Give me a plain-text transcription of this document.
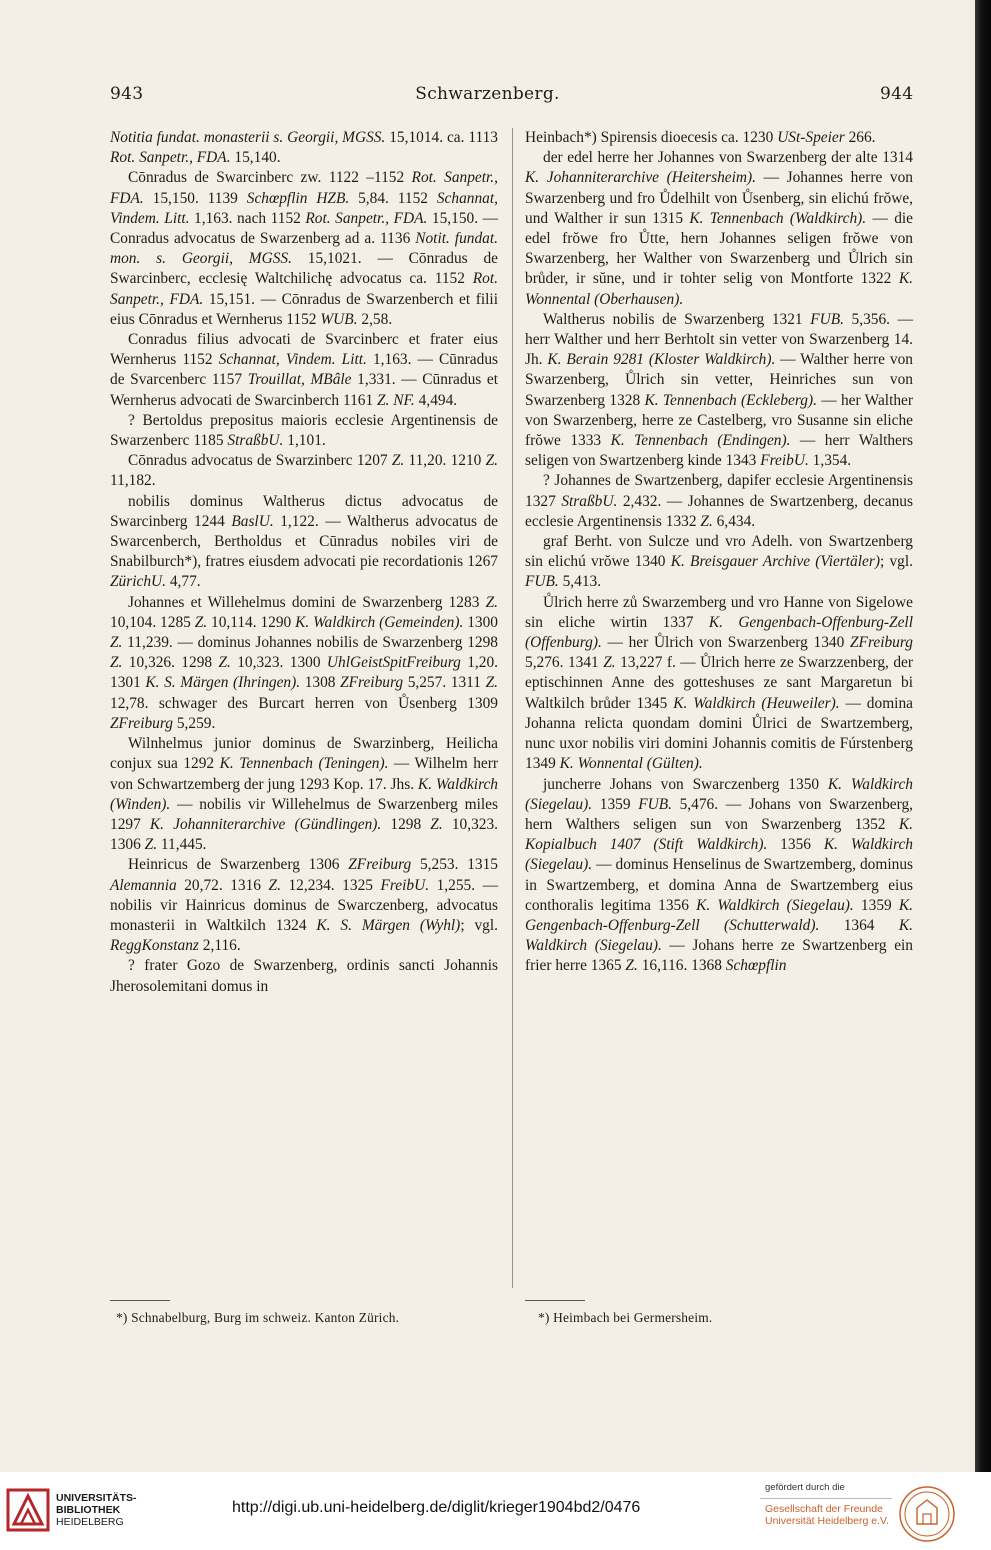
943	Schwarzenberg.	944

Notitia fundat. monasterii s. Georgii, MGSS. 15,1014. ca. 1113 Rot. Sanpetr., FDA. 15,140.

Cōnradus de Swarcinberc zw. 1122 –1152 Rot. Sanpetr., FDA. 15,150. 1139 Schœpflin HZB. 5,84. 1152 Schannat, Vindem. Litt. 1,163. nach 1152 Rot. Sanpetr., FDA. 15,150. — Conradus advocatus de Swarzenberg ad a. 1136 Notit. fundat. mon. s. Georgii, MGSS. 15,1021. — Cōnradus de Swarcinberc, ecclesię Waltchilichę advocatus ca. 1152 Rot. Sanpetr., FDA. 15,151. — Cōnradus de Swarzenberch et filii eius Cōnradus et Wernherus 1152 WUB. 2,58.

Conradus filius advocati de Svarcinberc et frater eius Wernherus 1152 Schannat, Vindem. Litt. 1,163. — Cūnradus de Svarcenberc 1157 Trouillat, MBâle 1,331. — Cūnradus et Wernherus advocati de Swarcinberch 1161 Z. NF. 4,494.

? Bertoldus prepositus maioris ecclesie Argentinensis de Swarzenberc 1185 StraßbU. 1,101.

Cōnradus advocatus de Swarzinberc 1207 Z. 11,20. 1210 Z. 11,182.

nobilis dominus Waltherus dictus advocatus de Swarcinberg 1244 BaslU. 1,122. — Waltherus advocatus de Swarcenberch, Bertholdus et Cūnradus nobiles viri de Snabilburch*), fratres eiusdem advocati pie recordationis 1267 ZürichU. 4,77.

Johannes et Willehelmus domini de Swarzenberg 1283 Z. 10,104. 1285 Z. 10,114. 1290 K. Waldkirch (Gemeinden). 1300 Z. 11,239. — dominus Johannes nobilis de Swarzenberg 1298 Z. 10,326. 1298 Z. 10,323. 1300 UhlGeistSpitFreiburg 1,20. 1301 K. S. Märgen (Ihringen). 1308 ZFreiburg 5,257. 1311 Z. 12,78. schwager des Burcart herren von Ůsenberg 1309 ZFreiburg 5,259.

Wilnhelmus junior dominus de Swarzinberg, Heilicha conjux sua 1292 K. Tennenbach (Teningen). — Wilhelm herr von Schwartzemberg der jung 1293 Kop. 17. Jhs. K. Waldkirch (Winden). — nobilis vir Willehelmus de Swarzenberg miles 1297 K. Johanniterarchive (Gündlingen). 1298 Z. 10,323. 1306 Z. 11,445.

Heinricus de Swarzenberg 1306 ZFreiburg 5,253. 1315 Alemannia 20,72. 1316 Z. 12,234. 1325 FreibU. 1,255. — nobilis vir Hainricus dominus de Swarczenberg, advocatus monasterii in Waltkilch 1324 K. S. Märgen (Wyhl); vgl. ReggKonstanz 2,116.

? frater Gozo de Swarzenberg, ordinis sancti Johannis Jherosolemitani domus in

Heinbach*) Spirensis dioecesis ca. 1230 USt-Speier 266.

der edel herre her Johannes von Swarzenberg der alte 1314 K. Johanniterarchive (Heitersheim). — Johannes herre von Swarzenberg und fro Ůdelhilt von Ůsenberg, sin elichú frŏwe, und Walther ir sun 1315 K. Tennenbach (Waldkirch). — die edel frŏwe fro Ůtte, hern Johannes seligen frŏwe von Swarzenberg, her Walther von Swarzenberg und Ůlrich sin brůder, ir sŭne, und ir tohter selig von Montforte 1322 K. Wonnental (Oberhausen).

Waltherus nobilis de Swarzenberg 1321 FUB. 5,356. — herr Walther und herr Berhtolt sin vetter von Swarzenberg 14. Jh. K. Berain 9281 (Kloster Waldkirch). — Walther herre von Swarzenberg, Ůlrich sin vetter, Heinriches sun von Swarzenberg 1328 K. Tennenbach (Eckleberg). — her Walther von Swarzenberg, herre ze Castelberg, vro Susanne sin eliche frŏwe 1333 K. Tennenbach (Endingen). — herr Walthers seligen von Swartzenberg kinde 1343 FreibU. 1,354.

? Johannes de Swartzenberg, dapifer ecclesie Argentinensis 1327 StraßbU. 2,432. — Johannes de Swartzenberg, decanus ecclesie Argentinensis 1332 Z. 6,434.

graf Berht. von Sulcze und vro Adelh. von Swartzenberg sin elichú vrŏwe 1340 K. Breisgauer Archive (Viertäler); vgl. FUB. 5,413.

Ůlrich herre zů Swarzemberg und vro Hanne von Sigelowe sin eliche wirtin 1337 K. Gengenbach-Offenburg-Zell (Offenburg). — her Ůlrich von Swarzenberg 1340 ZFreiburg 5,276. 1341 Z. 13,227 f. — Ůlrich herre ze Swarzzenberg, der eptischinnen Anne des gotteshuses ze sant Margaretun bi Waltkilch brůder 1345 K. Waldkirch (Heuweiler). — domina Johanna relicta quondam domini Ůlrici de Swartzemberg, nunc uxor nobilis viri domini Johannis comitis de Fúrstenberg 1349 K. Wonnental (Gülten).

juncherre Johans von Swarczenberg 1350 K. Waldkirch (Siegelau). 1359 FUB. 5,476. — Johans von Swarzenberg, hern Walthers seligen sun von Swarzenberg 1352 K. Kopialbuch 1407 (Stift Waldkirch). 1356 K. Waldkirch (Siegelau). — dominus Henselinus de Swartzemberg, dominus in Swartzemberg, et domina Anna de Swartzemberg eius conthoralis legitima 1356 K. Waldkirch (Siegelau). 1359 K. Gengenbach-Offenburg-Zell (Schutterwald). 1364 K. Waldkirch (Siegelau). — Johans herre ze Swartzenberg ein frier herre 1365 Z. 16,116. 1368 Schœpflin

*) Schnabelburg, Burg im schweiz. Kanton Zürich.	*) Heimbach bei Germersheim.
UNIVERSITÄTS-
BIBLIOTHEK
HEIDELBERG
http://digi.ub.uni-heidelberg.de/diglit/krieger1904bd2/0476
gefördert durch die
Gesellschaft der Freunde
Universität Heidelberg e.V.
